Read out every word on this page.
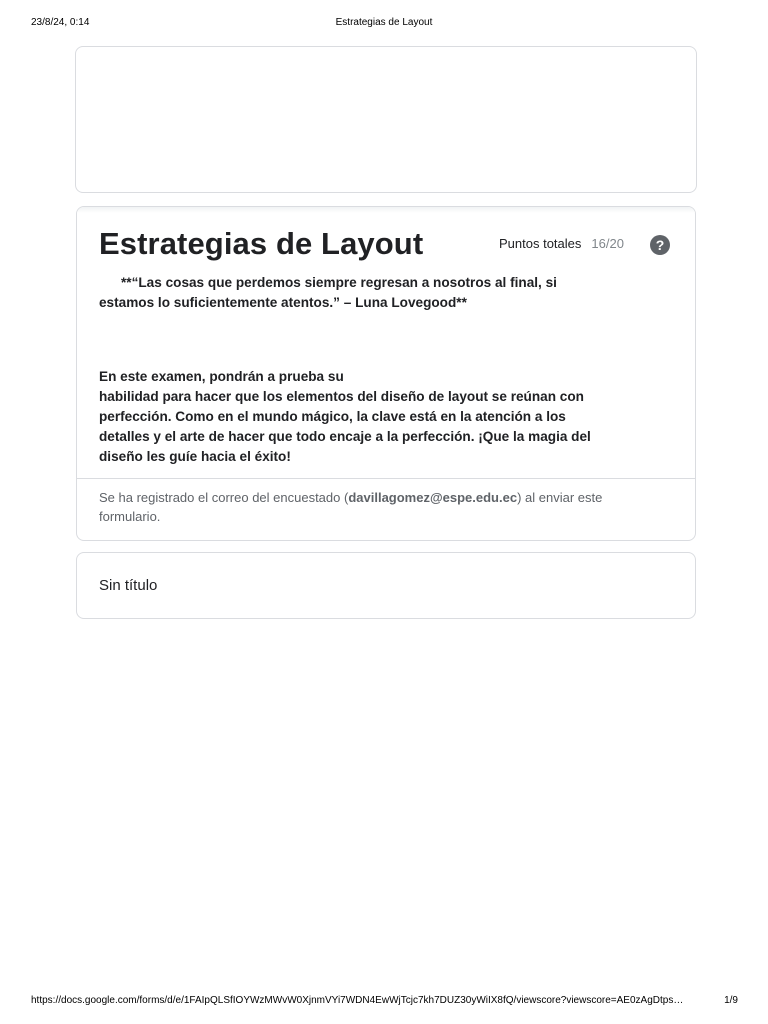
23/8/24, 0:14	Estrategias de Layout
Estrategias de Layout	Puntos totales 16/20	?
**“Las cosas que perdemos siempre regresan a nosotros al final, si estamos lo suficientemente atentos.” – Luna Lovegood**
En este examen, pondrán a prueba su
habilidad para hacer que los elementos del diseño de layout se reúnan con
perfección. Como en el mundo mágico, la clave está en la atención a los
detalles y el arte de hacer que todo encaje a la perfección. ¡Que la magia del
diseño les guíe hacia el éxito!
Se ha registrado el correo del encuestado (davillagomez@espe.edu.ec) al enviar este formulario.
Sin título
https://docs.google.com/forms/d/e/1FAIpQLSfIOYWzMWvW0XjnmVYi7WDN4EwWjTcjc7kh7DUZ30yWiIX8fQ/viewscore?viewscore=AE0zAgDtps…	1/9
